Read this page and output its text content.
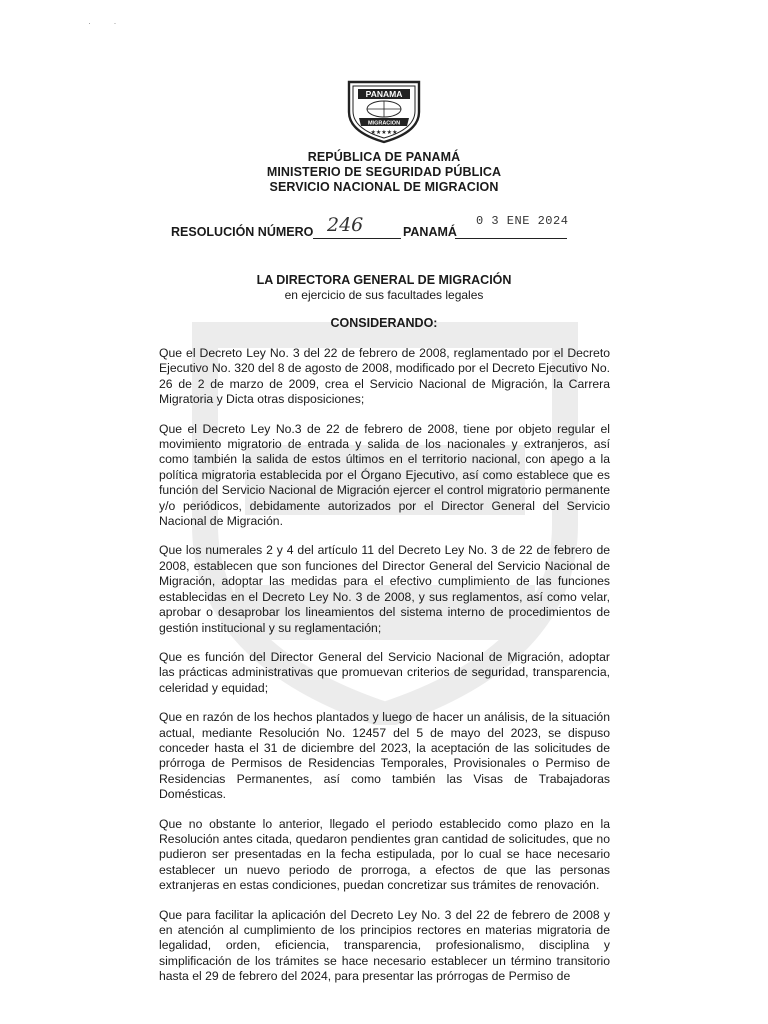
·         ·
PANAMA
MIGRACION
★★★★★
REPÚBLICA DE PANAMÁ
MINISTERIO DE SEGURIDAD PÚBLICA
SERVICIO NACIONAL DE MIGRACION
RESOLUCIÓN NÚMERO 246	PANAMÁ
0 3 ENE 2024
LA DIRECTORA GENERAL DE MIGRACIÓN
en ejercicio de sus facultades legales
CONSIDERANDO:

Que el Decreto Ley No. 3 del 22 de febrero de 2008, reglamentado por el Decreto Ejecutivo No. 320 del 8 de agosto de 2008, modificado por el Decreto Ejecutivo No. 26 de 2 de marzo de 2009, crea el Servicio Nacional de Migración, la Carrera Migratoria y Dicta otras disposiciones;

Que el Decreto Ley No.3 de 22 de febrero de 2008, tiene por objeto regular el movimiento migratorio de entrada y salida de los nacionales y extranjeros, así como también la salida de estos últimos en el territorio nacional, con apego a la política migratoria establecida por el Órgano Ejecutivo, así como establece que es función del Servicio Nacional de Migración ejercer el control migratorio permanente y/o periódicos, debidamente autorizados por el Director General del Servicio Nacional de Migración.

Que los numerales 2 y 4 del artículo 11 del Decreto Ley No. 3 de 22 de febrero de 2008, establecen que son funciones del Director General del Servicio Nacional de Migración, adoptar las medidas para el efectivo cumplimiento de las funciones establecidas en el Decreto Ley No. 3 de 2008, y sus reglamentos, así como velar, aprobar o desaprobar los lineamientos del sistema interno de procedimientos de gestión institucional y su reglamentación;

Que es función del Director General del Servicio Nacional de Migración, adoptar las prácticas administrativas que promuevan criterios de seguridad, transparencia, celeridad y equidad;

Que en razón de los hechos plantados y luego de hacer un análisis, de la situación actual, mediante Resolución No. 12457 del 5 de mayo del 2023, se dispuso conceder hasta el 31 de diciembre del 2023, la aceptación de las solicitudes de prórroga de Permisos de Residencias Temporales, Provisionales o Permiso de Residencias Permanentes, así como también las Visas de Trabajadoras Domésticas.

Que no obstante lo anterior, llegado el periodo establecido como plazo en la Resolución antes citada, quedaron pendientes gran cantidad de solicitudes, que no pudieron ser presentadas en la fecha estipulada, por lo cual se hace necesario establecer un nuevo periodo de prorroga, a efectos de que las personas extranjeras en estas condiciones, puedan concretizar sus trámites de renovación.

Que para facilitar la aplicación del Decreto Ley No. 3 del 22 de febrero de 2008 y en atención al cumplimiento de los principios rectores en materias migratoria de legalidad, orden, eficiencia, transparencia, profesionalismo, disciplina y simplificación de los trámites se hace necesario establecer un término transitorio hasta el 29 de febrero del 2024, para presentar las prórrogas de Permiso de
